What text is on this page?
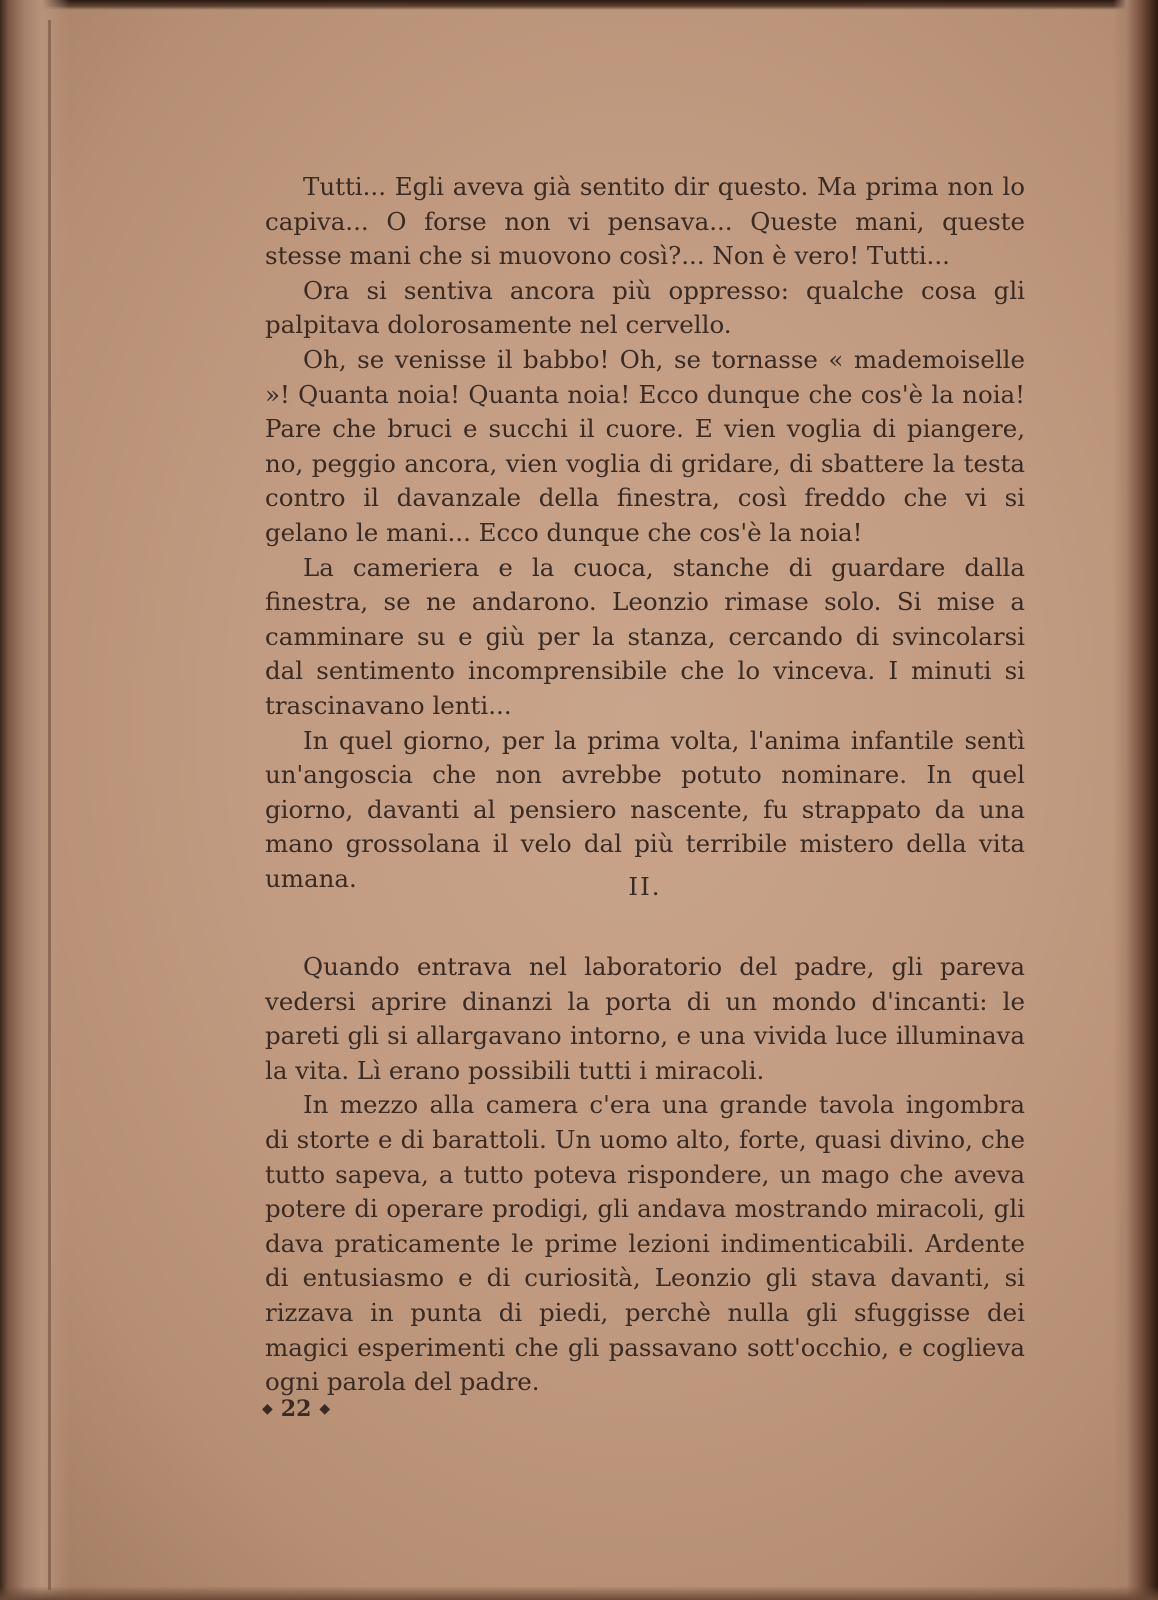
Tutti... Egli aveva già sentito dir questo. Ma prima non lo capiva... O forse non vi pensava... Queste mani, queste stesse mani che si muovono così?... Non è vero! Tutti...

Ora si sentiva ancora più oppresso: qualche cosa gli palpitava dolorosamente nel cervello.

Oh, se venisse il babbo! Oh, se tornasse « mademoiselle »! Quanta noia! Quanta noia! Ecco dunque che cos'è la noia! Pare che bruci e succhi il cuore. E vien voglia di piangere, no, peggio ancora, vien voglia di gridare, di sbattere la testa contro il davanzale della finestra, così freddo che vi si gelano le mani... Ecco dunque che cos'è la noia!

La cameriera e la cuoca, stanche di guardare dalla finestra, se ne andarono. Leonzio rimase solo. Si mise a camminare su e giù per la stanza, cercando di svincolarsi dal sentimento incomprensibile che lo vinceva. I minuti si trascinavano lenti...

In quel giorno, per la prima volta, l'anima infantile sentì un'angoscia che non avrebbe potuto nominare. In quel giorno, davanti al pensiero nascente, fu strappato da una mano grossolana il velo dal più terribile mistero della vita umana.	II.

Quando entrava nel laboratorio del padre, gli pareva vedersi aprire dinanzi la porta di un mondo d'incanti: le pareti gli si allargavano intorno, e una vivida luce illuminava la vita. Lì erano possibili tutti i miracoli.

In mezzo alla camera c'era una grande tavola ingombra di storte e di barattoli. Un uomo alto, forte, quasi divino, che tutto sapeva, a tutto poteva rispondere, un mago che aveva potere di operare prodigi, gli andava mostrando miracoli, gli dava praticamente le prime lezioni indimenticabili. Ardente di entusiasmo e di curiosità, Leonzio gli stava davanti, si rizzava in punta di piedi, perchè nulla gli sfuggisse dei magici esperimenti che gli passavano sott'occhio, e coglieva ogni parola del padre.

◆ 22 ◆
